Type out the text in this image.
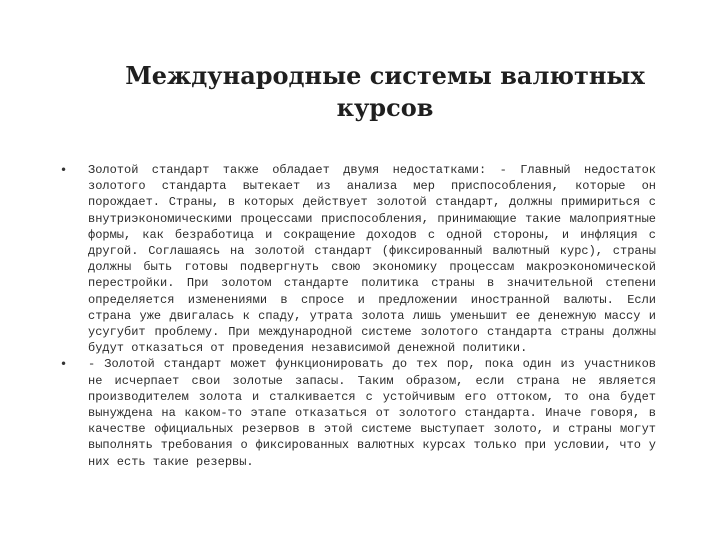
Международные системы валютных курсов
• Золотой стандарт также обладает двумя недостатками: - Главный недостаток золотого стандарта вытекает из анализа мер приспособления, которые он порождает. Страны, в которых действует золотой стандарт, должны примириться с внутриэкономическими процессами приспособления, принимающие такие малоприятные формы, как безработица и сокращение доходов с одной стороны, и инфляция с другой. Соглашаясь на золотой стандарт (фиксированный валютный курс), страны должны быть готовы подвергнуть свою экономику процессам макроэкономической перестройки. При золотом стандарте политика страны в значительной степени определяется изменениями в спросе и предложении иностранной валюты. Если страна уже двигалась к спаду, утрата золота лишь уменьшит ее денежную массу и усугубит проблему. При международной системе золотого стандарта страны должны будут отказаться от проведения независимой денежной политики.
• - Золотой стандарт может функционировать до тех пор, пока один из участников не исчерпает свои золотые запасы. Таким образом, если страна не является производителем золота и сталкивается с устойчивым его оттоком, то она будет вынуждена на каком-то этапе отказаться от золотого стандарта. Иначе говоря, в качестве официальных резервов в этой системе выступает золото, и страны могут выполнять требования о фиксированных валютных курсах только при условии, что у них есть такие резервы.
